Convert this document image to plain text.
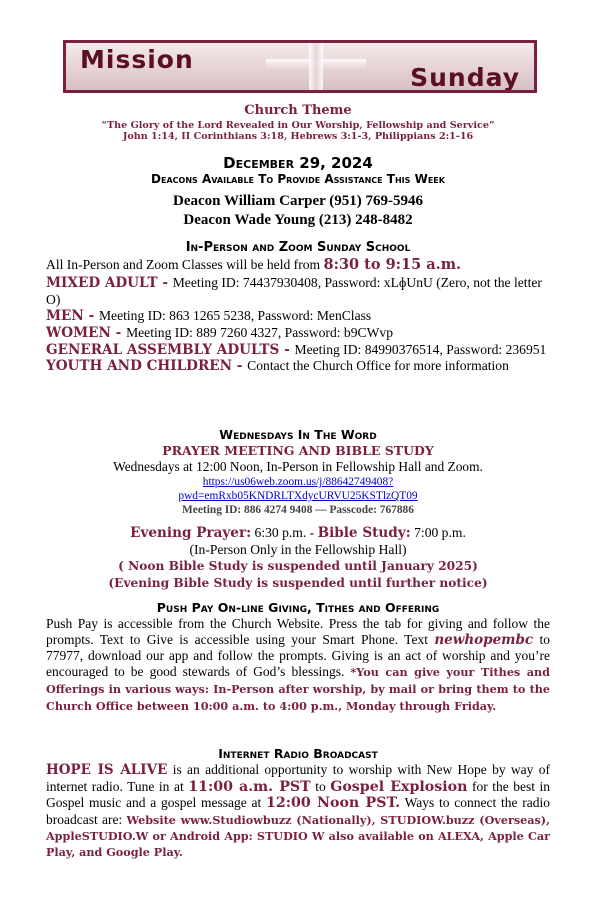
Mission
Sunday
Church Theme
“The Glory of the Lord Revealed in Our Worship, Fellowship and Service”
John 1:14, II Corinthians 3:18, Hebrews 3:1-3, Philippians 2:1-16
December 29, 2024
Deacons Available To Provide Assistance This Week
Deacon William Carper (951) 769-5946
Deacon Wade Young (213) 248-8482
In-Person and Zoom Sunday School
All In-Person and Zoom Classes will be held from 8:30 to 9:15 a.m.
MIXED ADULT - Meeting ID: 74437930408, Password: xLɸUnU (Zero, not the letter O)
MEN - Meeting ID: 863 1265 5238, Password: MenClass
WOMEN - Meeting ID: 889 7260 4327, Password: b9CWvp
GENERAL ASSEMBLY ADULTS - Meeting ID: 84990376514, Password: 236951
YOUTH AND CHILDREN - Contact the Church Office for more information
Wednesdays In The Word
PRAYER MEETING AND BIBLE STUDY
Wednesdays at 12:00 Noon, In-Person in Fellowship Hall and Zoom.
https://us06web.zoom.us/j/88642749408?
pwd=emRxb05KNDRLTXdycURVU25KSTlzQT09
Meeting ID: 886 4274 9408 — Passcode: 767886
Evening Prayer: 6:30 p.m. - Bible Study: 7:00 p.m.
(In-Person Only in the Fellowship Hall)
( Noon Bible Study is suspended until January 2025)
(Evening Bible Study is suspended until further notice)
Push Pay On-line Giving, Tithes and Offering
Push Pay is accessible from the Church Website. Press the tab for giving and follow the prompts. Text to Give is accessible using your Smart Phone. Text newhopembc to 77977, download our app and follow the prompts. Giving is an act of worship and you’re encouraged to be good stewards of God’s blessings. *You can give your Tithes and Offerings in various ways: In-Person after worship, by mail or bring them to the Church Office between 10:00 a.m. to 4:00 p.m., Monday through Friday.
Internet Radio Broadcast
HOPE IS ALIVE is an additional opportunity to worship with New Hope by way of internet radio. Tune in at 11:00 a.m. PST to Gospel Explosion for the best in Gospel music and a gospel message at 12:00 Noon PST. Ways to connect the radio broadcast are: Website www.Studiowbuzz (Nationally), STUDIOW.buzz (Overseas), AppleSTUDIO.W or Android App: STUDIO W also available on ALEXA, Apple Car Play, and Google Play.
